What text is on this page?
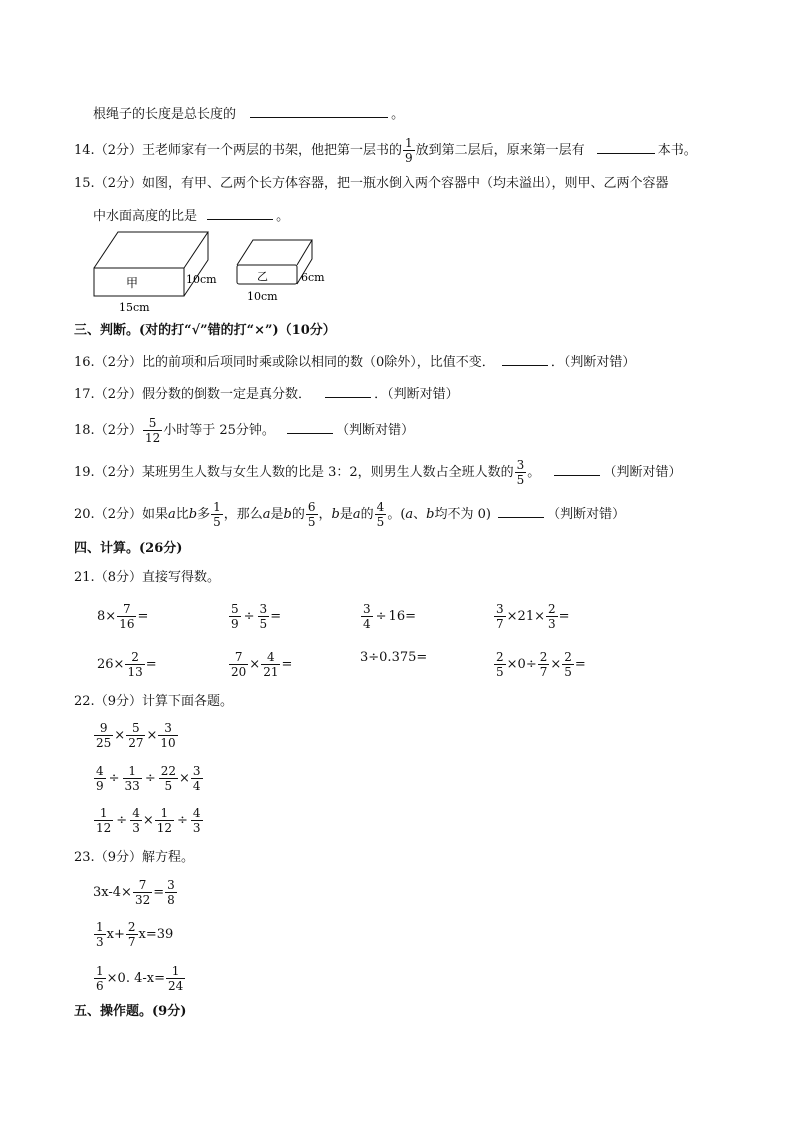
根绳子的长度是总长度的	。
14.（2分）王老师家有一个两层的书架，他把第一层书的 $\frac{1}{9}$ 放到第二层后，原来第一层有	本书。
15.（2分）如图，有甲、乙两个长方体容器，把一瓶水倒入两个容器中（均未溢出），则甲、乙两个容器
中水面高度的比是	。
甲	10cm
15cm
乙	6cm
10cm
三、判断。(对的打“√”错的打“×”)（10分）
16.（2分）比的前项和后项同时乘或除以相同的数（0除外），比值不变．	．（判断对错）
17.（2分）假分数的倒数一定是真分数．	．（判断对错）
18.（2分） $\frac{5}{12}$ 小时等于 25分钟。	（判断对错）
19.（2分）某班男生人数与女生人数的比是 3：2，则男生人数占全班人数的 $\frac{3}{5}$ 。	（判断对错）
20.（2分）如果a比b多 $\frac{1}{5}$ ，那么a是b的 $\frac{6}{5}$ ，b是a的 $\frac{4}{5}$ 。(a、b均不为 0)	（判断对错）
四、计算。(26分)
21.（8分）直接写得数。
$8\times \frac{7}{16}$ =	$\frac{5}{9} \div \frac{3}{5}$ =	$\frac{3}{4} \div 16=$	$\frac{3}{7} \times 21\times \frac{2}{3}$ =
$26\times \frac{2}{13}$ =	$\frac{7}{20} \times \frac{4}{21}$ =	3÷0.375=	$\frac{2}{5} \times 0\div \frac{2}{7} \times \frac{2}{5}$ =
22.（9分）计算下面各题。
$\frac{9}{25} \times \frac{5}{27} \times \frac{3}{10}$
$\frac{4}{9} \div \frac{1}{33} \div \frac{22}{5} \times \frac{3}{4}$
$\frac{1}{12} \div \frac{4}{3} \times \frac{1}{12} \div \frac{4}{3}$
23.（9分）解方程。
$3x-4\times \frac{7}{32} = \frac{3}{8}$
$\frac{1}{3} x+ \frac{2}{7} x=39$
$\frac{1}{6} \times 0$. $4-x= \frac{1}{24}$
五、操作题。(9分)
